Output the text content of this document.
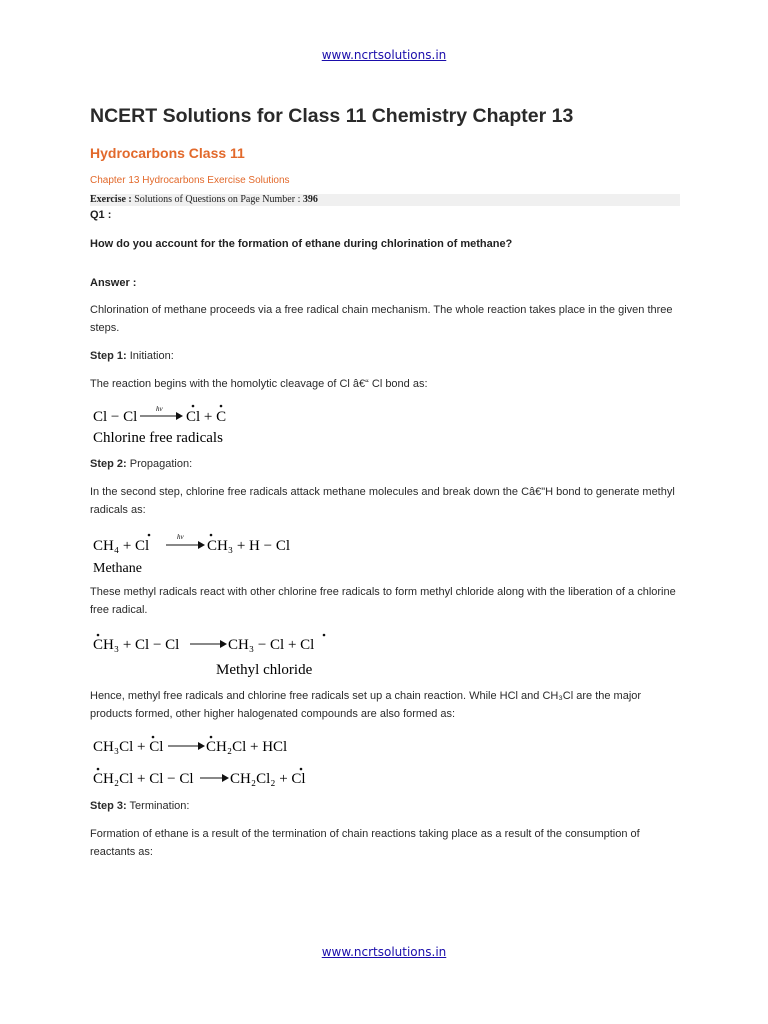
www.ncrtsolutions.in
NCERT Solutions for Class 11 Chemistry Chapter 13
Hydrocarbons Class 11
Chapter 13 Hydrocarbons Exercise Solutions
Exercise : Solutions of Questions on Page Number : 396
Q1 :
How do you account for the formation of ethane during chlorination of methane?
Answer :

Chlorination of methane proceeds via a free radical chain mechanism. The whole reaction takes place in the given three steps.

Step 1: Initiation:

The reaction begins with the homolytic cleavage of Cl â€“ Cl bond as:

Cl − Cl	hv Cl + C
Chlorine free radicals

Step 2: Propagation:

In the second step, chlorine free radicals attack methane molecules and break down the Câ€"H bond to generate methyl radicals as:

CH₄ + Cl
hv
CH₃ + H − Cl
Methane

These methyl radicals react with other chlorine free radicals to form methyl chloride along with the liberation of a chlorine free radical.

CH₃ + Cl − Cl	CH₃ − Cl + Cl
Methyl chloride

Hence, methyl free radicals and chlorine free radicals set up a chain reaction. While HCl and CH₃Cl are the major products formed, other higher halogenated compounds are also formed as:

CH₃Cl + Cl	CH₂Cl + HCl
CH₂Cl + Cl − Cl CH₂Cl₂ + Cl

Step 3: Termination:

Formation of ethane is a result of the termination of chain reactions taking place as a result of the consumption of reactants as:

www.ncrtsolutions.in
